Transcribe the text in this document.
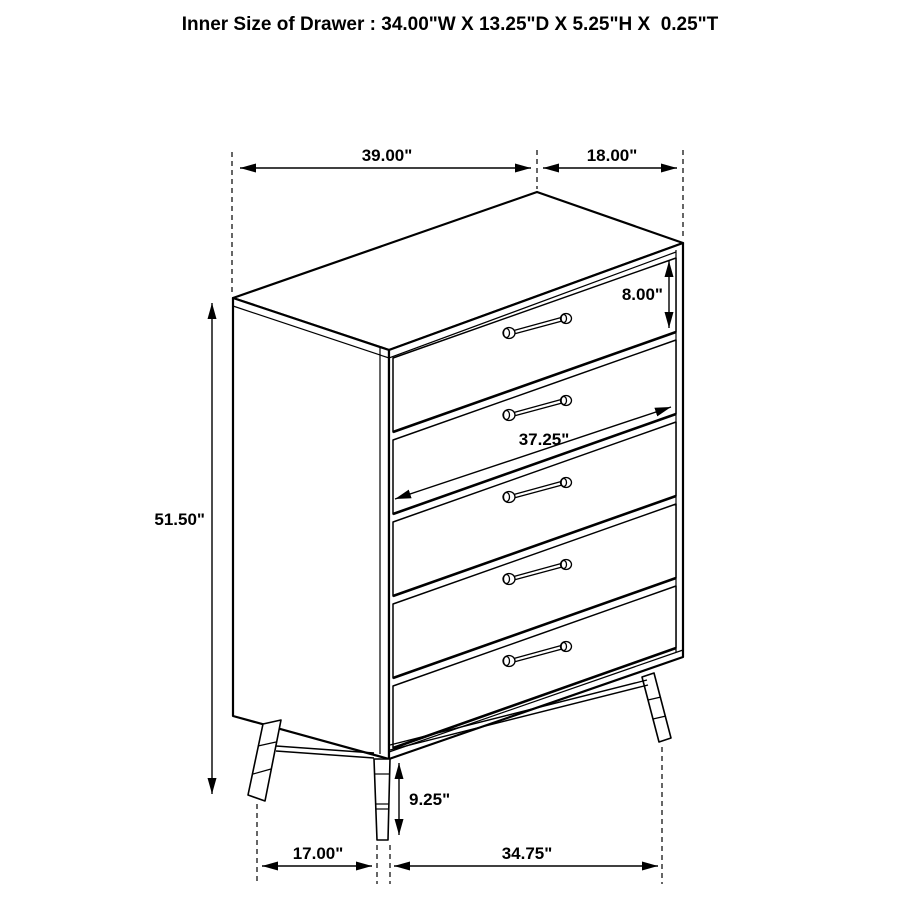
Inner Size of Drawer : 34.00"W X 13.25"D X 5.25"H X  0.25"T
39.00"	18.00"
51.50"
8.00"
37.25"
9.25"
17.00"	34.75"
